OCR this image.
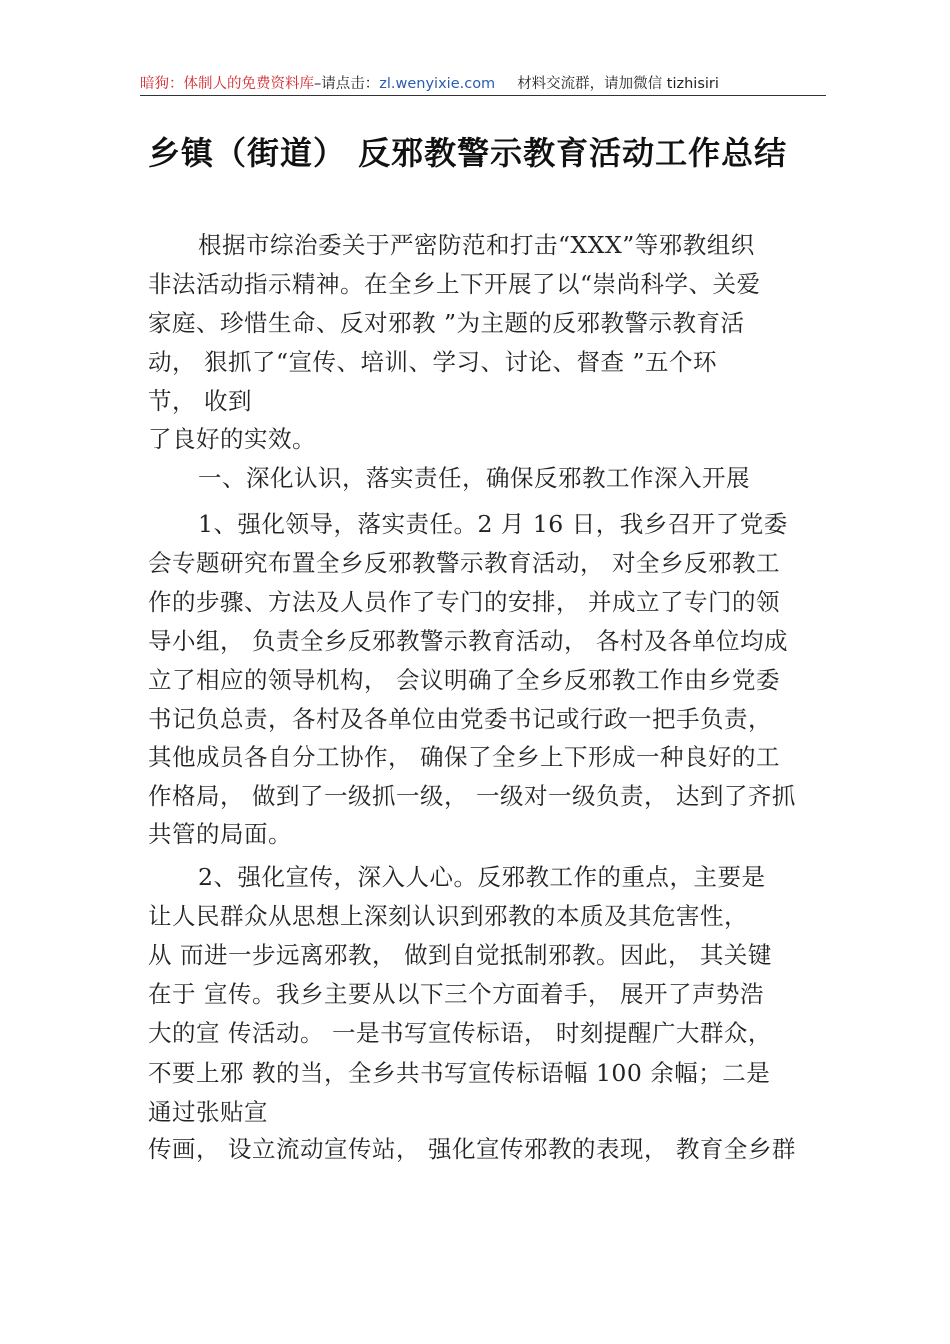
暗狗：体制人的免费资料库–请点击：zl.wenyixie.com 材料交流群，请加微信 tizhisiri
乡镇（街道） 反邪教警示教育活动工作总结
根据市综治委关于严密防范和打击“XXX”等邪教组织
非法活动指示精神。在全乡上下开展了以“崇尚科学、关爱
家庭、珍惜生命、反对邪教 ”为主题的反邪教警示教育活
动， 狠抓了“宣传、培训、学习、讨论、督查 ”五个环
节， 收到
了良好的实效。
一、深化认识，落实责任，确保反邪教工作深入开展
1、强化领导，落实责任。2 月 16 日，我乡召开了党委
会专题研究布置全乡反邪教警示教育活动， 对全乡反邪教工
作的步骤、方法及人员作了专门的安排， 并成立了专门的领
导小组， 负责全乡反邪教警示教育活动， 各村及各单位均成
立了相应的领导机构， 会议明确了全乡反邪教工作由乡党委
书记负总责，各村及各单位由党委书记或行政一把手负责，
其他成员各自分工协作， 确保了全乡上下形成一种良好的工
作格局， 做到了一级抓一级， 一级对一级负责， 达到了齐抓
共管的局面。
2、强化宣传，深入人心。反邪教工作的重点，主要是
让人民群众从思想上深刻认识到邪教的本质及其危害性，
从 而进一步远离邪教， 做到自觉抵制邪教。因此， 其关键
在于 宣传。我乡主要从以下三个方面着手， 展开了声势浩
大的宣 传活动。 一是书写宣传标语， 时刻提醒广大群众，
不要上邪 教的当，全乡共书写宣传标语幅 100 余幅；二是
通过张贴宣
传画， 设立流动宣传站， 强化宣传邪教的表现， 教育全乡群
